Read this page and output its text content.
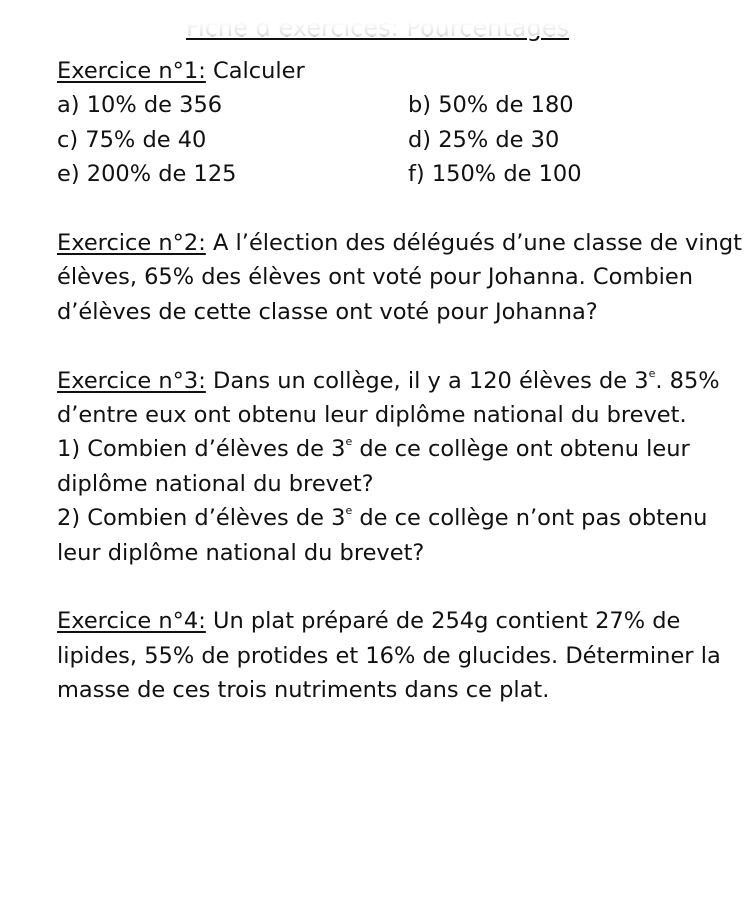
Exercice n°1: Calculer

a) 10% de 356	b) 50% de 180
c) 75% de 40	d) 25% de 30
e) 200% de 125	f) 150% de 100

Exercice n°2: A l’élection des délégués d’une classe de vingt élèves, 65% des élèves ont voté pour Johanna. Combien d’élèves de cette classe ont voté pour Johanna?

Exercice n°3: Dans un collège, il y a 120 élèves de 3e. 85% d’entre eux ont obtenu leur diplôme national du brevet.

1) Combien d’élèves de 3e de ce collège ont obtenu leur diplôme national du brevet?

2) Combien d’élèves de 3e de ce collège n’ont pas obtenu leur diplôme national du brevet?

Exercice n°4: Un plat préparé de 254g contient 27% de lipides, 55% de protides et 16% de glucides. Déterminer la masse de ces trois nutriments dans ce plat.
